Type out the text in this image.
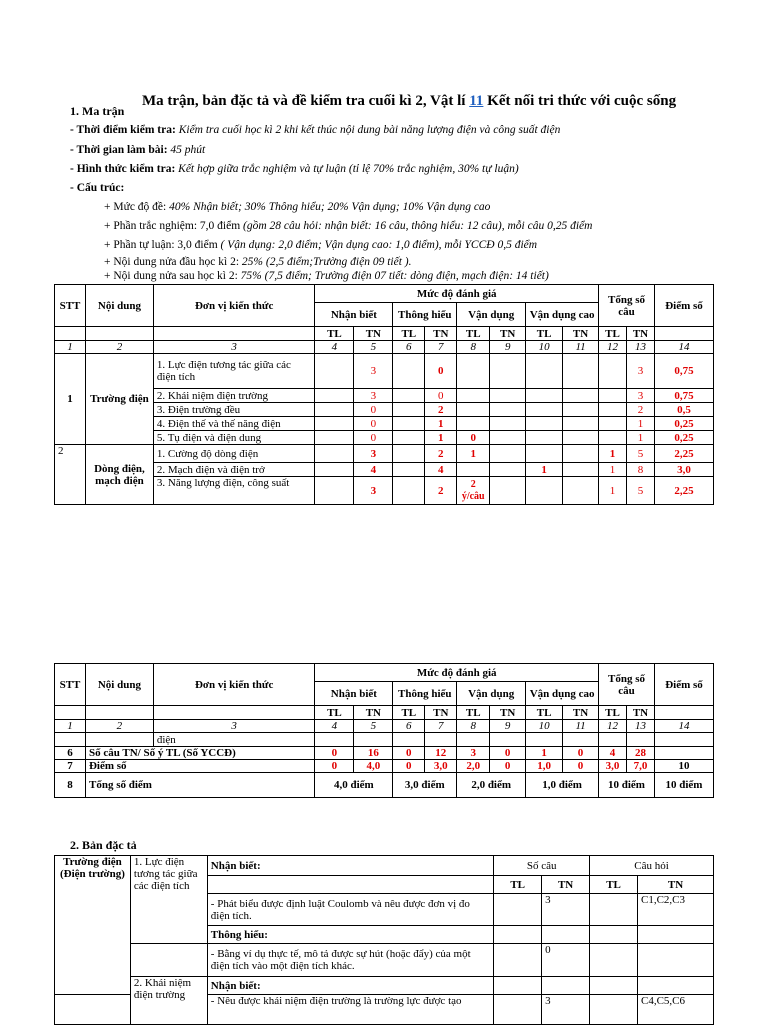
Ma trận, bản đặc tả và đề kiểm tra cuối kì 2, Vật lí 11 Kết nối tri thức với cuộc sống
1. Ma trận
- Thời điểm kiểm tra: Kiểm tra cuối học kì 2 khi kết thúc nội dung bài năng lượng điện và công suất điện
- Thời gian làm bài: 45 phút
- Hình thức kiểm tra: Kết hợp giữa trắc nghiệm và tự luận (tỉ lệ 70% trắc nghiệm, 30% tự luận)
- Cấu trúc:
+ Mức độ đề: 40% Nhận biết; 30% Thông hiểu; 20% Vận dụng; 10% Vận dụng cao
+ Phần trắc nghiệm: 7,0 điểm (gồm 28 câu hỏi: nhận biết: 16 câu, thông hiểu: 12 câu), mỗi câu 0,25 điểm
+ Phần tự luận: 3,0 điểm ( Vận dụng: 2,0 điểm; Vận dụng cao: 1,0 điểm), mỗi YCCĐ 0,5 điểm
+ Nội dung nửa đầu học kì 2: 25% (2,5 điểm;Trường điện 09 tiết ).
+ Nội dung nửa sau học kì 2: 75% (7,5 điểm; Trường điện 07 tiết: dòng điện, mạch điện: 14 tiết)
STT	Nội dung	Đơn vị kiến thức	Mức độ đánh giá								Tổng số câu		Điểm số
			Nhận biết		Thông hiểu		Vận dụng		Vận dụng cao				
			TL	TN	TL	TN	TL	TN	TL	TN	TL	TN	
1	2	3	4	5	6	7	8	9	10	11	12	13	14
1	Trường điện	1. Lực điện tương tác giữa các điện tích		3		0						3	0,75
		2. Khái niệm điện trường		3		0						3	0,75
		3. Điện trường đều		0		2						2	0,5
		4. Điện thế và thế năng điện		0		1						1	0,25
		5. Tụ điện và điện dung		0		1	0					1	0,25
2	Dòng điện, mạch điện	1. Cường độ dòng điện		3		2	1				1	5	2,25
		2. Mạch điện và điện trở		4		4			1		1	8	3,0
		3. Năng lượng điện, công suất		3		2	2 ý/câu				1	5	2,25
STT	Nội dung	Đơn vị kiến thức	Mức độ đánh giá								Tổng số câu		Điểm số
			Nhận biết		Thông hiểu		Vận dụng		Vận dụng cao				
			TL	TN	TL	TN	TL	TN	TL	TN	TL	TN	
1	2	3	4	5	6	7	8	9	10	11	12	13	14
		điện											
6	Số câu TN/ Số ý TL (Số YCCĐ)		0	16	0	12	3	0	1	0	4	28	
7	Điểm số		0	4,0	0	3,0	2,0	0	1,0	0	3,0	7,0	10
8	Tổng số điểm		4,0 điểm		3,0 điểm		2,0 điểm		1,0 điểm		10 điểm		10 điểm
2. Bản đặc tả
Trường điện (Điện trường)	1. Lực điện tương tác giữa các điện tích	Nhận biết:	Số câu		Câu hỏi	
			TL	TN	TL	TN
		- Phát biểu được định luật Coulomb và nêu được đơn vị đo điện tích.		3		C1,C2,C3
		Thông hiểu:				
		- Bằng ví dụ thực tế, mô tả được sự hút (hoặc đẩy) của một điện tích vào một điện tích khác.		0		
	2. Khái niệm điện trường	Nhận biết:				
		- Nêu được khái niệm điện trường là trường lực được tạo		3		C4,C5,C6
